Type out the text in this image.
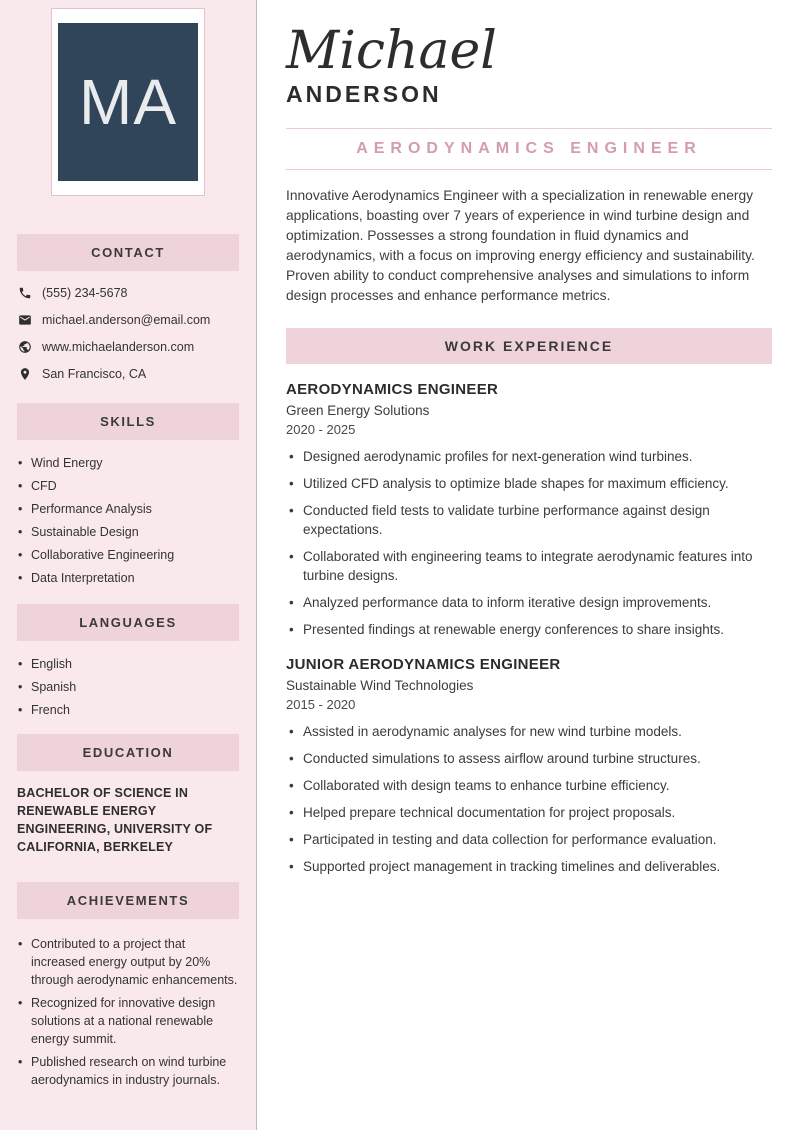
MA
CONTACT
(555) 234-5678
michael.anderson@email.com
www.michaelanderson.com
San Francisco, CA
SKILLS
• Wind Energy
• CFD
• Performance Analysis
• Sustainable Design
• Collaborative Engineering
• Data Interpretation
LANGUAGES
• English
• Spanish
• French
EDUCATION
BACHELOR OF SCIENCE IN RENEWABLE ENERGY ENGINEERING, UNIVERSITY OF CALIFORNIA, BERKELEY
ACHIEVEMENTS
• Contributed to a project that increased energy output by 20% through aerodynamic enhancements.
• Recognized for innovative design solutions at a national renewable energy summit.
• Published research on wind turbine aerodynamics in industry journals.
Michael
ANDERSON
AERODYNAMICS ENGINEER

Innovative Aerodynamics Engineer with a specialization in renewable energy applications, boasting over 7 years of experience in wind turbine design and optimization. Possesses a strong foundation in fluid dynamics and aerodynamics, with a focus on improving energy efficiency and sustainability. Proven ability to conduct comprehensive analyses and simulations to inform design processes and enhance performance metrics.

WORK EXPERIENCE
AERODYNAMICS ENGINEER
Green Energy Solutions
2020 - 2025
• Designed aerodynamic profiles for next-generation wind turbines.
• Utilized CFD analysis to optimize blade shapes for maximum efficiency.
• Conducted field tests to validate turbine performance against design expectations.
• Collaborated with engineering teams to integrate aerodynamic features into turbine designs.
• Analyzed performance data to inform iterative design improvements.
• Presented findings at renewable energy conferences to share insights.
JUNIOR AERODYNAMICS ENGINEER
Sustainable Wind Technologies
2015 - 2020
• Assisted in aerodynamic analyses for new wind turbine models.
• Conducted simulations to assess airflow around turbine structures.
• Collaborated with design teams to enhance turbine efficiency.
• Helped prepare technical documentation for project proposals.
• Participated in testing and data collection for performance evaluation.
• Supported project management in tracking timelines and deliverables.
